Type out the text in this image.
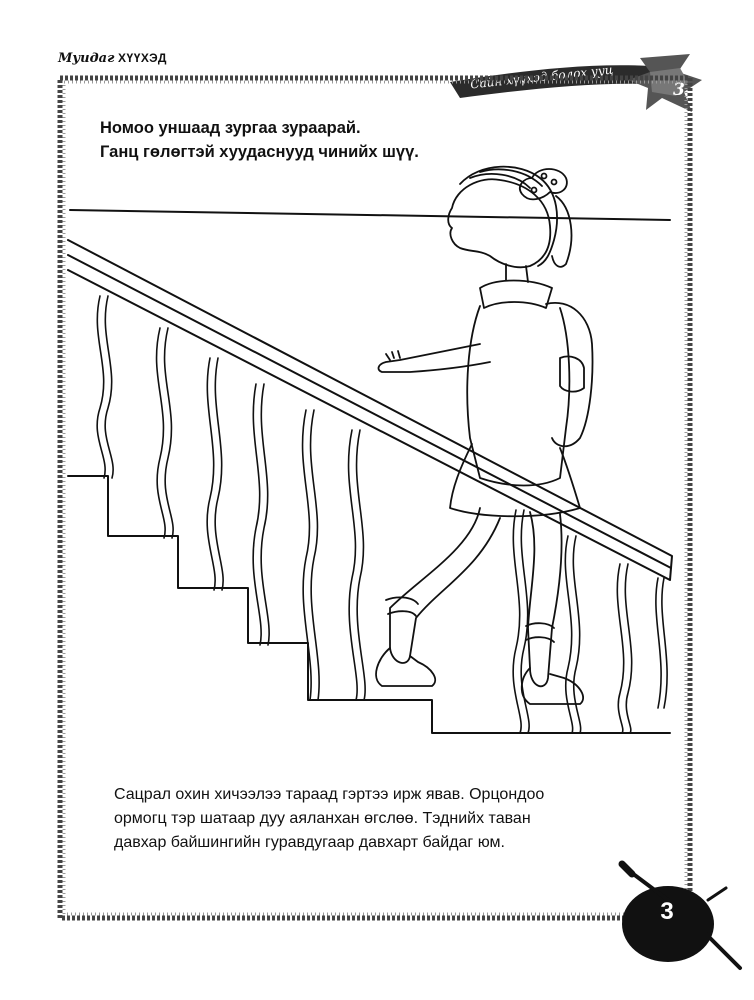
Муидаг ХҮҮХЭД
Сайн хүүхэд болох ууц	3
Номоо уншаад зургаа зураарай.
Ганц гөлөгтэй хуудаснууд чинийх шүү.
Сацрал охин хичээлээ тараад гэртээ ирж явав. Орцондоо
ормогц тэр шатаар дуу аяланхан өгслөө. Тэднийх таван
давхар байшингийн гуравдугаар давхарт байдаг юм.
3
